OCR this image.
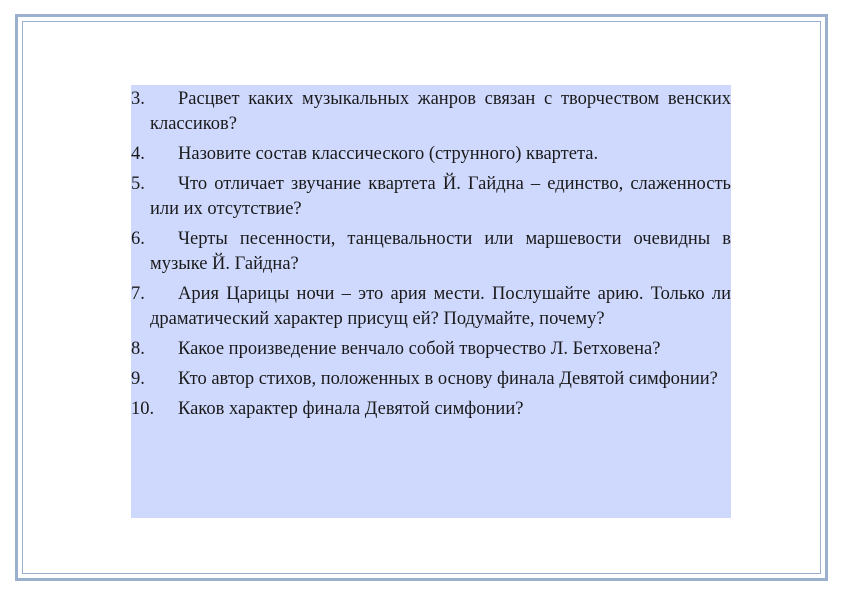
3.	Расцвет каких музыкальных жанров связан с творчеством венских классиков?
4.	Назовите состав классического (струнного) квартета.
5.	Что отличает звучание квартета Й. Гайдна – единство, слаженность или их отсутствие?
6.	Черты песенности, танцевальности или маршевости очевидны в музыке Й. Гайдна?
7.	Ария Царицы ночи – это ария мести. Послушайте арию. Только ли драматический характер присущ ей? Подумайте, почему?
8.	Какое произведение венчало собой творчество Л. Бетховена?
9.	Кто автор стихов, положенных в основу финала Девятой симфонии?
10.	Каков характер финала Девятой симфонии?
